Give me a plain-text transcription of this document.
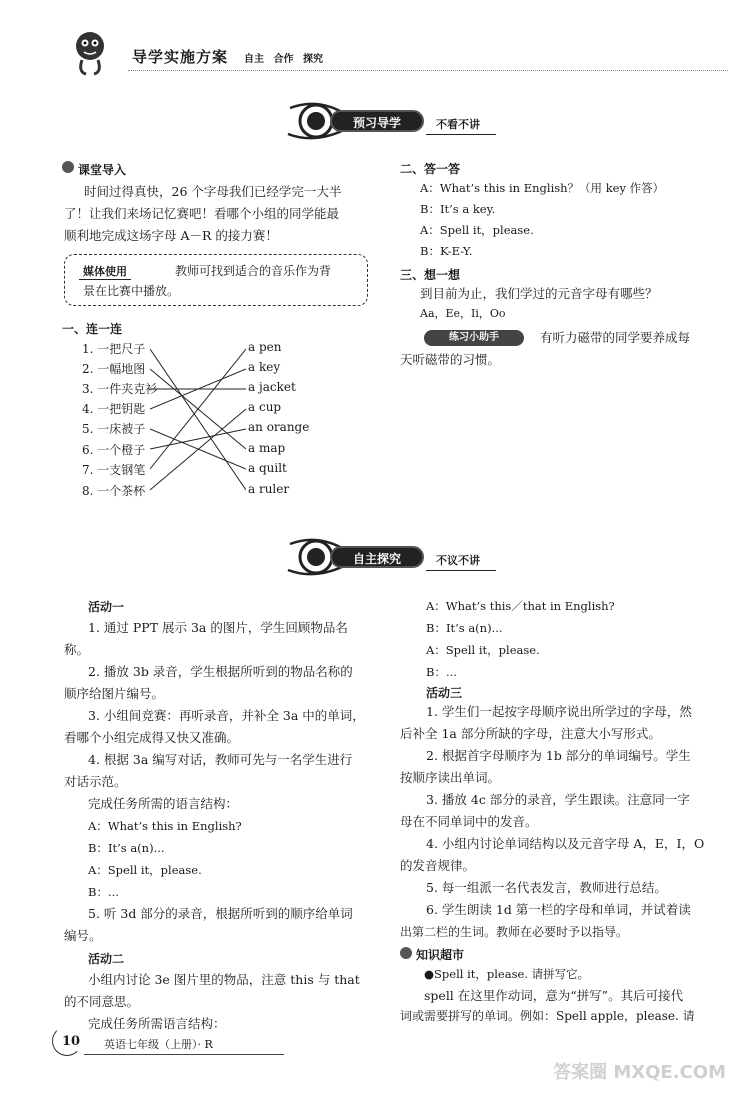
导学实施方案 自主 合作 探究
预习导学	不看不讲
课堂导入
时间过得真快，26 个字母我们已经学完一大半
了！让我们来场记忆赛吧！看哪个小组的同学能最
顺利地完成这场字母 A－R 的接力赛！
媒体使用	教师可找到适合的音乐作为背
景在比赛中播放。
一、连一连
1. 一把尺子
2. 一幅地图
3. 一件夹克衫
4. 一把钥匙
5. 一床被子
6. 一个橙子
7. 一支钢笔
8. 一个茶杯
a pen
a key
a jacket
a cup
an orange
a map
a quilt
a ruler
二、答一答
A：What’s this in English？（用 key 作答）
B：It’s a key.
A：Spell it，please.
B：K-E-Y.
三、想一想
到目前为止，我们学过的元音字母有哪些？
Aa，Ee，Ii，Oo
练习小助手	有听力磁带的同学要养成每
天听磁带的习惯。
自主探究	不议不讲
活动一
1. 通过 PPT 展示 3a 的图片，学生回顾物品名
称。
2. 播放 3b 录音，学生根据所听到的物品名称的
顺序给图片编号。
3. 小组间竞赛：再听录音，并补全 3a 中的单词，
看哪个小组完成得又快又准确。
4. 根据 3a 编写对话，教师可先与一名学生进行
对话示范。
完成任务所需的语言结构：
A：What’s this in English?
B：It’s a(n)...
A：Spell it，please.
B：...
5. 听 3d 部分的录音，根据所听到的顺序给单词
编号。
活动二
小组内讨论 3e 图片里的物品，注意 this 与 that
的不同意思。
完成任务所需语言结构：
A：What’s this／that in English?
B：It’s a(n)...
A：Spell it，please.
B：...
活动三
1. 学生们一起按字母顺序说出所学过的字母，然
后补全 1a 部分所缺的字母，注意大小写形式。
2. 根据首字母顺序为 1b 部分的单词编号。学生
按顺序读出单词。
3. 播放 4c 部分的录音，学生跟读。注意同一字
母在不同单词中的发音。
4. 小组内讨论单词结构以及元音字母 A，E，I，O
的发音规律。
5. 每一组派一名代表发言，教师进行总结。
6. 学生朗读 1d 第一栏的字母和单词，并试着读
出第二栏的生词。教师在必要时予以指导。
知识超市
●Spell it，please. 请拼写它。
spell 在这里作动词，意为“拼写”。其后可接代
词或需要拼写的单词。例如：Spell apple，please. 请
10 英语七年级（上册）· R
答案圈 MXQE.COM
